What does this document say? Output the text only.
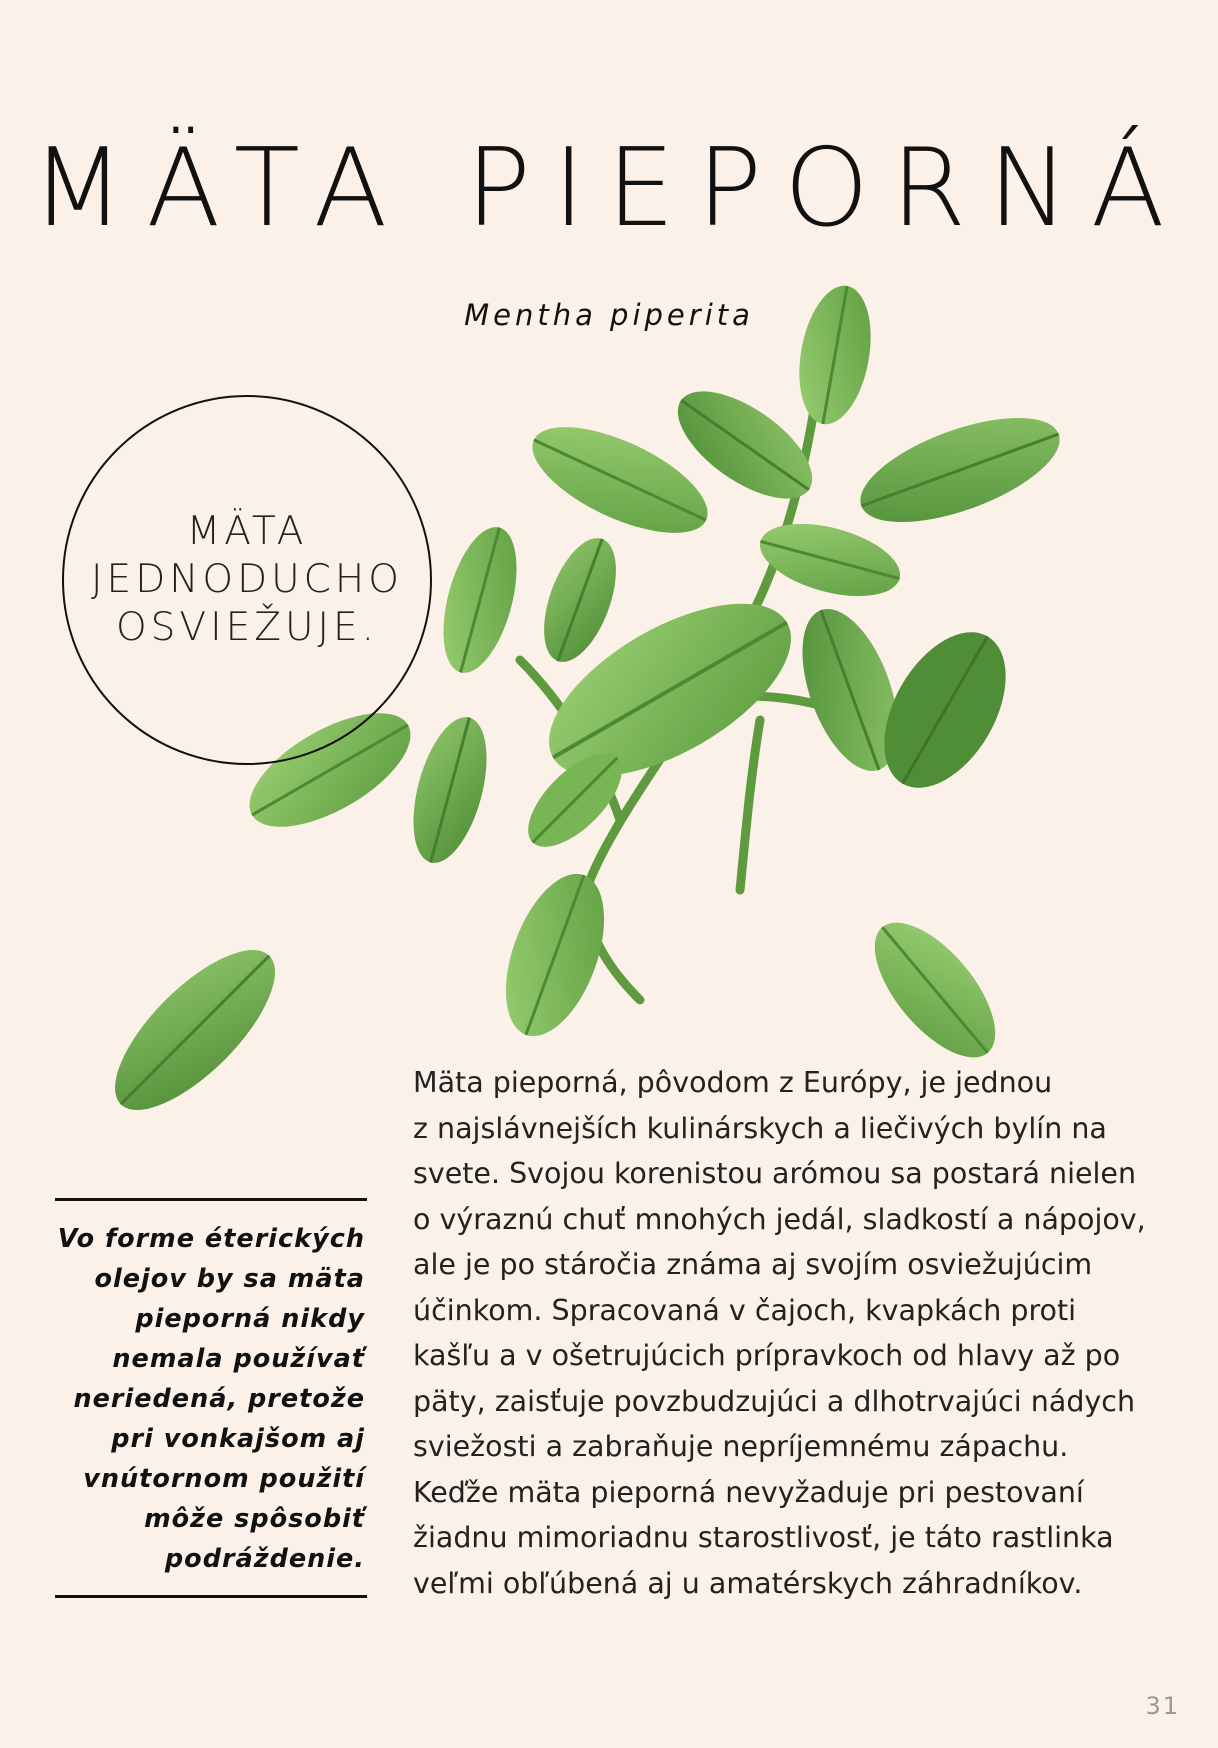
MÄTA PIEPORNÁ
Mentha piperita
MÄTA
JEDNODUCHO
OSVIEŽUJE.
Vo forme éterických
olejov by sa mäta
pieporná nikdy
nemala používať
neriedená, pretože
pri vonkajšom aj
vnútornom použití
môže spôsobiť
podráždenie.
Mäta pieporná, pôvodom z Európy, je jednou
z najslávnejších kulinárskych a liečivých bylín na
svete. Svojou korenistou arómou sa postará nielen
o výraznú chuť mnohých jedál, sladkostí a nápojov,
ale je po stáročia známa aj svojím osviežujúcim
účinkom. Spracovaná v čajoch, kvapkách proti
kašľu a v ošetrujúcich prípravkoch od hlavy až po
päty, zaisťuje povzbudzujúci a dlhotrvajúci nádych
sviežosti a zabraňuje nepríjemnému zápachu.
Keďže mäta pieporná nevyžaduje pri pestovaní
žiadnu mimoriadnu starostlivosť, je táto rastlinka
veľmi obľúbená aj u amatérskych záhradníkov.
31
